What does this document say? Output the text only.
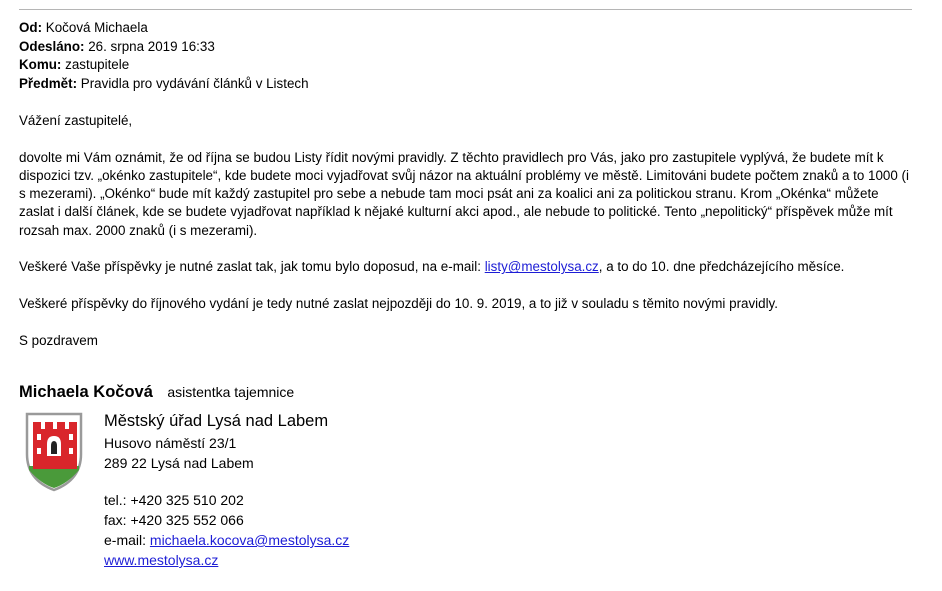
Od: Kočová Michaela
Odesláno: 26. srpna 2019 16:33
Komu: zastupitele
Předmět: Pravidla pro vydávání článků v Listech

Vážení zastupitelé,

dovolte mi Vám oznámit, že od října se budou Listy řídit novými pravidly. Z těchto pravidlech pro Vás, jako pro zastupitele vyplývá, že budete mít k dispozici tzv. „okénko zastupitele“, kde budete moci vyjadřovat svůj názor na aktuální problémy ve městě. Limitováni budete počtem znaků a to 1000 (i s mezerami). „Okénko“ bude mít každý zastupitel pro sebe a nebude tam moci psát ani za koalici ani za politickou stranu. Krom „Okénka“ můžete zaslat i další článek, kde se budete vyjadřovat například k nějaké kulturní akci apod., ale nebude to politické. Tento „nepolitický“ příspěvek může mít rozsah max. 2000 znaků (i s mezerami).

Veškeré Vaše příspěvky je nutné zaslat tak, jak tomu bylo doposud, na e-mail: listy@mestolysa.cz, a to do 10. dne předcházejícího měsíce.

Veškeré příspěvky do říjnového vydání je tedy nutné zaslat nejpozději do 10. 9. 2019, a to již v souladu s těmito novými pravidly.

S pozdravem

Michaela Kočová asistentka tajemnice
Městský úřad Lysá nad Labem
Husovo náměstí 23/1
289 22 Lysá nad Labem
tel.: +420 325 510 202
fax: +420 325 552 066
e-mail: michaela.kocova@mestolysa.cz
www.mestolysa.cz
